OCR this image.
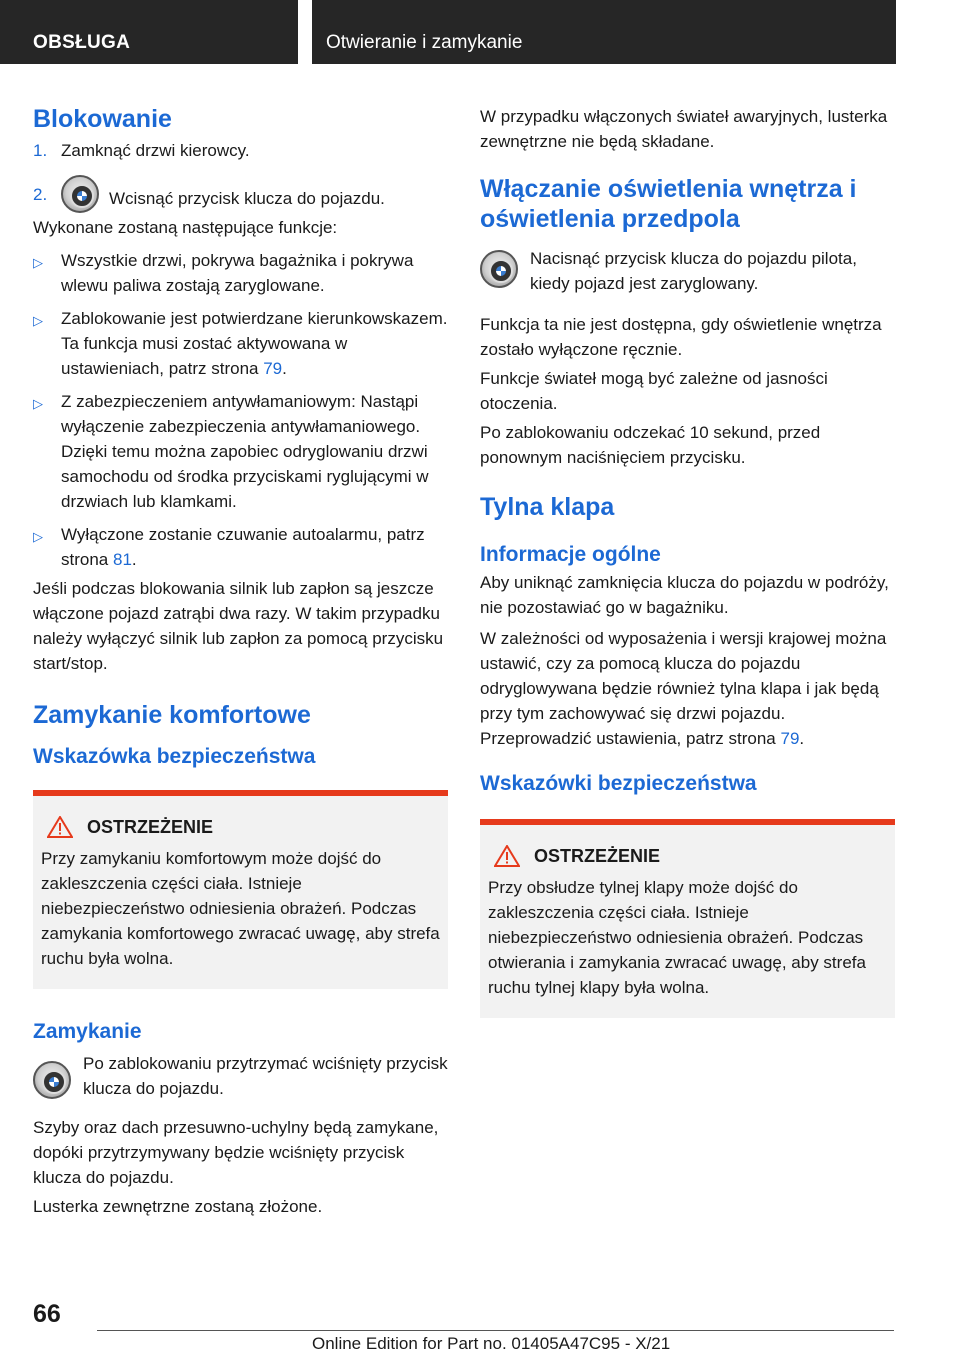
OBSŁUGA	Otwieranie i zamykanie
Blokowanie
1. Zamknąć drzwi kierowcy.
2.	Wcisnąć przycisk klucza do pojazdu.

Wykonane zostaną następujące funkcje:

▷	Wszystkie drzwi, pokrywa bagażnika i pokrywa wlewu paliwa zostają zaryglowane.
▷	Zablokowanie jest potwierdzane kierunkowskazem. Ta funkcja musi zostać aktywowana w ustawieniach, patrz strona 79.
▷	Z zabezpieczeniem antywłamaniowym: Nastąpi wyłączenie zabezpieczenia antywłamaniowego. Dzięki temu można zapobiec odryglowaniu drzwi samochodu od środka przyciskami ryglującymi w drzwiach lub klamkami.
▷	Wyłączone zostanie czuwanie autoalarmu, patrz strona 81.

Jeśli podczas blokowania silnik lub zapłon są jeszcze włączone pojazd zatrąbi dwa razy. W takim przypadku należy wyłączyć silnik lub zapłon za pomocą przycisku start/stop.

Zamykanie komfortowe
Wskazówka bezpieczeństwa
OSTRZEŻENIE

Przy zamykaniu komfortowym może dojść do zakleszczenia części ciała. Istnieje niebezpieczeństwo odniesienia obrażeń. Podczas zamykania komfortowego zwracać uwagę, aby strefa ruchu była wolna.

Zamykanie

Po zablokowaniu przytrzymać wciśnięty przycisk klucza do pojazdu.

Szyby oraz dach przesuwno-uchylny będą zamykane, dopóki przytrzymywany będzie wciśnięty przycisk klucza do pojazdu.

Lusterka zewnętrzne zostaną złożone.

W przypadku włączonych świateł awaryjnych, lusterka zewnętrzne nie będą składane.

Włączanie oświetlenia wnętrza i oświetlenia przedpola

Nacisnąć przycisk klucza do pojazdu pilota, kiedy pojazd jest zaryglowany.

Funkcja ta nie jest dostępna, gdy oświetlenie wnętrza zostało wyłączone ręcznie.

Funkcje świateł mogą być zależne od jasności otoczenia.

Po zablokowaniu odczekać 10 sekund, przed ponownym naciśnięciem przycisku.

Tylna klapa
Informacje ogólne

Aby uniknąć zamknięcia klucza do pojazdu w podróży, nie pozostawiać go w bagażniku.

W zależności od wyposażenia i wersji krajowej można ustawić, czy za pomocą klucza do pojazdu odryglowywana będzie również tylna klapa i jak będą przy tym zachowywać się drzwi pojazdu. Przeprowadzić ustawienia, patrz strona 79.

Wskazówki bezpieczeństwa
OSTRZEŻENIE

Przy obsłudze tylnej klapy może dojść do zakleszczenia części ciała. Istnieje niebezpieczeństwo odniesienia obrażeń. Podczas otwierania i zamykania zwracać uwagę, aby strefa ruchu tylnej klapy była wolna.

66
Online Edition for Part no. 01405A47C95 - X/21
